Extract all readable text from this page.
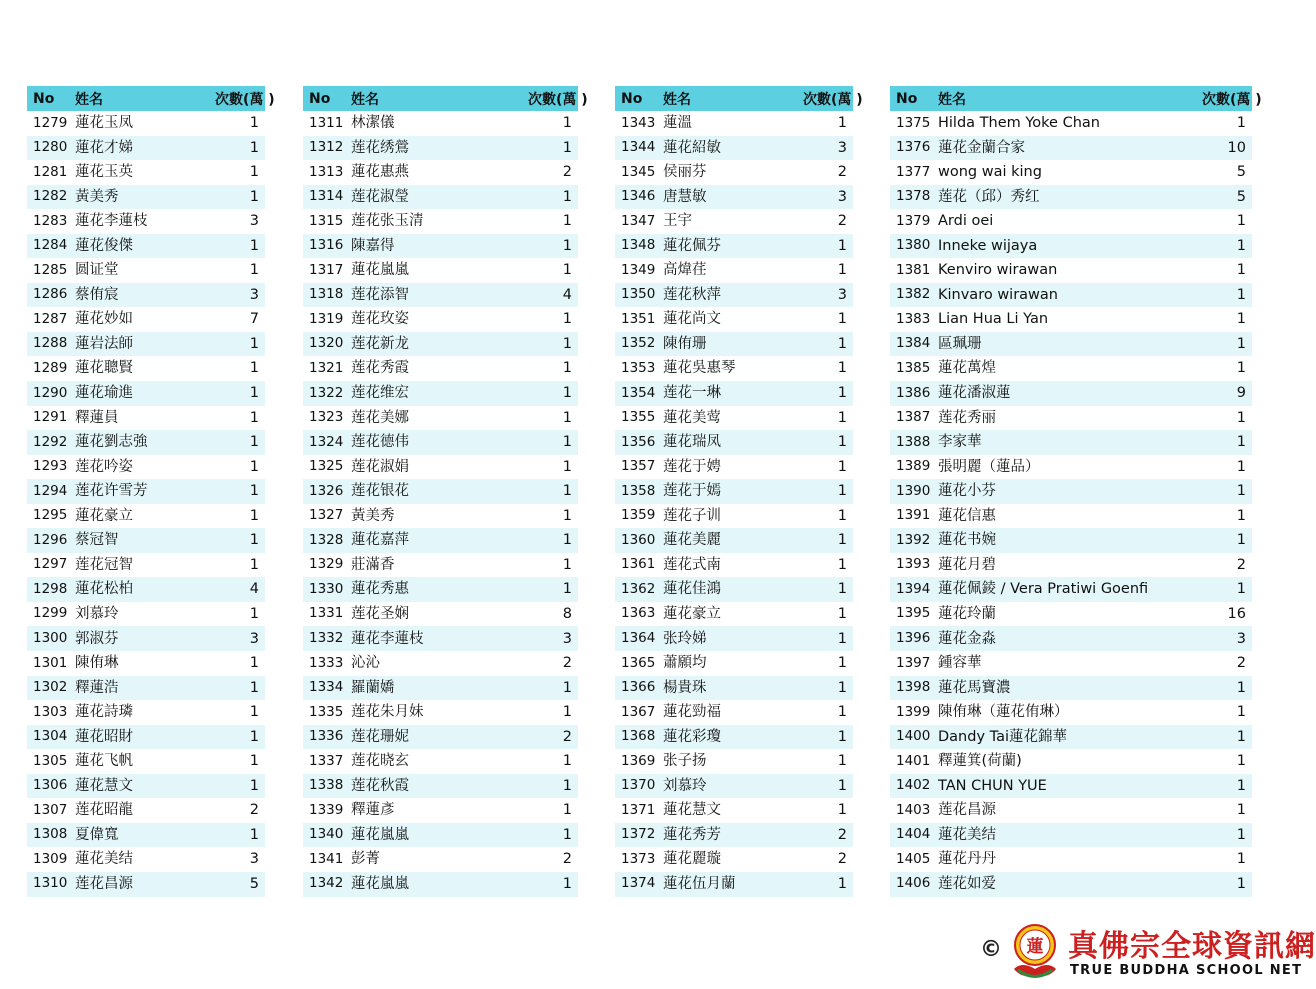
No	姓名	次數(萬 )
1279	蓮花玉凤	1
1280	蓮花才娣	1
1281	蓮花玉英	1
1282	黃美秀	1
1283	蓮花李蓮枝	3
1284	蓮花俊傑	1
1285	圆证堂	1
1286	蔡侑宸	3
1287	蓮花妙如	7
1288	蓮岩法師	1
1289	蓮花聰賢	1
1290	蓮花瑜進	1
1291	釋蓮員	1
1292	蓮花劉志強	1
1293	莲花吟姿	1
1294	莲花许雪芳	1
1295	蓮花豪立	1
1296	蔡冠智	1
1297	莲花冠智	1
1298	蓮花松柏	4
1299	刘慕玲	1
1300	郭淑芬	3
1301	陳侑琳	1
1302	釋蓮浩	1
1303	蓮花詩璘	1
1304	蓮花昭財	1
1305	蓮花飞帆	1
1306	蓮花慧文	1
1307	莲花昭龍	2
1308	夏偉寬	1
1309	蓮花美结	3
1310	莲花昌源	5
No	姓名	次數(萬 )
1311	林潔儀	1
1312	莲花绣鶯	1
1313	蓮花惠燕	2
1314	莲花淑瑩	1
1315	莲花张玉清	1
1316	陳嘉得	1
1317	蓮花嵐嵐	1
1318	莲花添智	4
1319	莲花玫姿	1
1320	莲花新龙	1
1321	莲花秀霞	1
1322	莲花维宏	1
1323	莲花美娜	1
1324	莲花德伟	1
1325	莲花淑娟	1
1326	莲花银花	1
1327	黃美秀	1
1328	蓮花嘉萍	1
1329	莊滿香	1
1330	蓮花秀惠	1
1331	莲花圣娴	8
1332	蓮花李蓮枝	3
1333	沁沁	2
1334	羅蘭嬌	1
1335	莲花朱月妹	1
1336	莲花珊妮	2
1337	莲花晓玄	1
1338	莲花秋霞	1
1339	釋蓮彥	1
1340	蓮花嵐嵐	1
1341	彭菁	2
1342	蓮花嵐嵐	1
No	姓名	次數(萬 )
1343	蓮溫	1
1344	蓮花紹敏	3
1345	侯丽芬	2
1346	唐慧敏	3
1347	王宇	2
1348	蓮花佩芬	1
1349	高煒荏	1
1350	莲花秋萍	3
1351	蓮花尚文	1
1352	陳侑珊	1
1353	蓮花吳惠琴	1
1354	莲花一琳	1
1355	蓮花美莺	1
1356	蓮花瑞凤	1
1357	莲花于娉	1
1358	莲花于嫣	1
1359	莲花子训	1
1360	蓮花美麗	1
1361	莲花式南	1
1362	蓮花佳鴻	1
1363	蓮花豪立	1
1364	张玲娣	1
1365	蕭願均	1
1366	楊貴珠	1
1367	蓮花勁福	1
1368	蓮花彩瓊	1
1369	张子扬	1
1370	刘慕玲	1
1371	蓮花慧文	1
1372	蓮花秀芳	2
1373	蓮花麗璇	2
1374	蓮花伍月蘭	1
No	姓名	次數(萬 )
1375	Hilda Them Yoke Chan	1
1376	蓮花金蘭合家	10
1377	wong wai king	5
1378	莲花（邱）秀红	5
1379	Ardi oei	1
1380	Inneke wijaya	1
1381	Kenviro wirawan	1
1382	Kinvaro wirawan	1
1383	Lian Hua Li Yan	1
1384	區珮珊	1
1385	蓮花萬煌	1
1386	蓮花潘淑蓮	9
1387	莲花秀丽	1
1388	李家華	1
1389	張明麗（蓮品）	1
1390	蓮花小芬	1
1391	蓮花信惠	1
1392	蓮花书婉	1
1393	蓮花月碧	2
1394	蓮花佩錂 / Vera Pratiwi Goenfi	1
1395	蓮花玲蘭	16
1396	蓮花金淼	3
1397	鍾容華	2
1398	蓮花馬寶濃	1
1399	陳侑琳（蓮花侑琳）	1
1400	Dandy Tai蓮花錦華	1
1401	釋蓮箕(荷蘭)	1
1402	TAN CHUN YUE	1
1403	莲花昌源	1
1404	蓮花美结	1
1405	蓮花丹丹	1
1406	莲花如爱	1
© 蓮 真佛宗全球資訊網
TRUE BUDDHA SCHOOL NET
